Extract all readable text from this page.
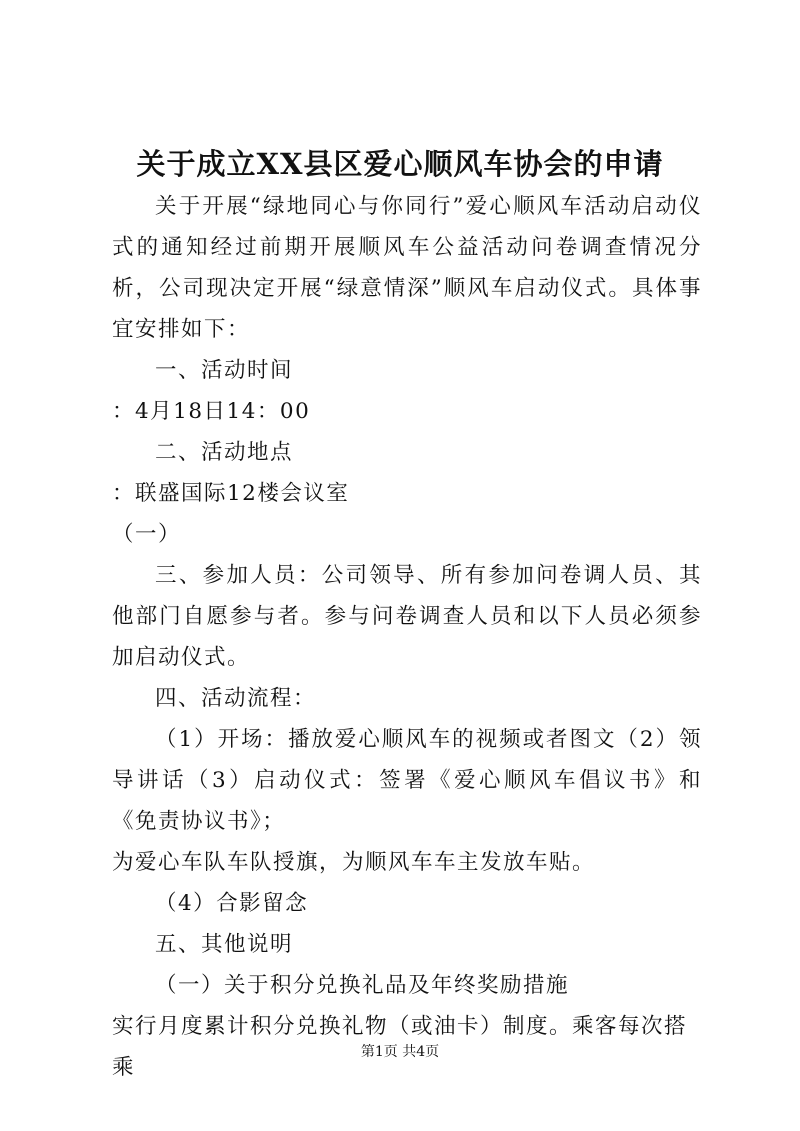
关于成立XX县区爱心顺风车协会的申请

关于开展“绿地同心与你同行”爱心顺风车活动启动仪式的通知经过前期开展顺风车公益活动问卷调查情况分析，公司现决定开展“绿意情深”顺风车启动仪式。具体事宜安排如下：

一、活动时间

：4月18日14：00

二、活动地点

：联盛国际12楼会议室

（一）

三、参加人员：公司领导、所有参加问卷调人员、其他部门自愿参与者。参与问卷调查人员和以下人员必须参加启动仪式。

四、活动流程：

（1）开场：播放爱心顺风车的视频或者图文（2）领导讲话（3）启动仪式：签署《爱心顺风车倡议书》和《免责协议书》；

为爱心车队车队授旗，为顺风车车主发放车贴。

（4）合影留念

五、其他说明

（一）关于积分兑换礼品及年终奖励措施

实行月度累计积分兑换礼物（或油卡）制度。乘客每次搭乘

第1页 共4页
